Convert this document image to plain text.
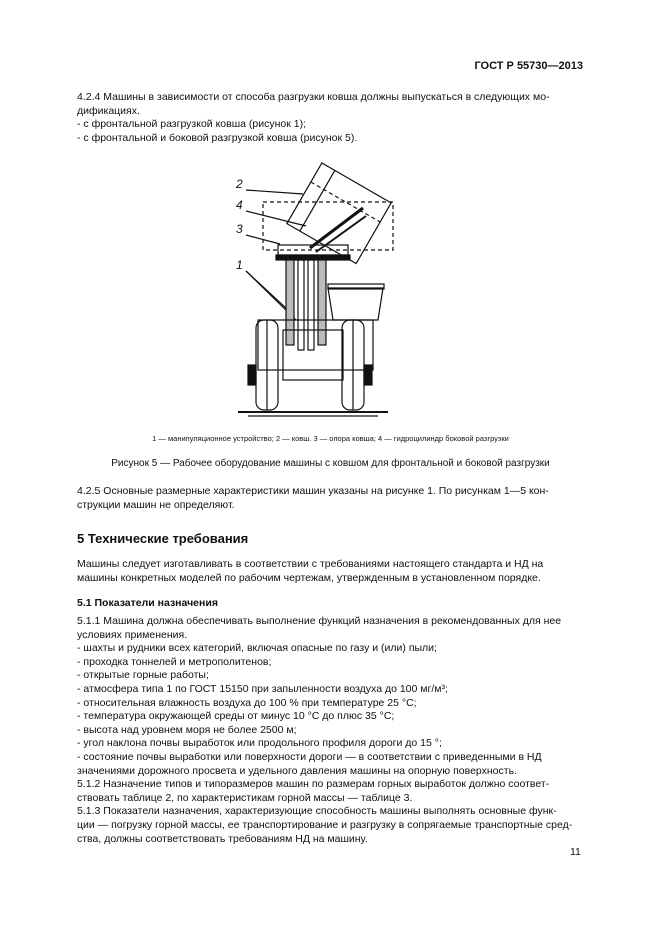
ГОСТ Р 55730—2013

4.2.4 Машины в зависимости от способа разгрузки ковша должны выпускаться в следующих мо-

дификациях.

- с фронтальной разгрузкой ковша (рисунок 1);

- с фронтальной и боковой разгрузкой ковша (рисунок 5).

2
4
3
1
1 — манипуляционное устройство; 2 — ковш. 3 — опора ковша; 4 — гидроцилиндр боковой разгрузки
Рисунок 5 — Рабочее оборудование машины с ковшом для фронтальной и боковой разгрузки

4.2.5 Основные размерные характеристики машин указаны на рисунке 1. По рисункам 1—5 кон-

струкции машин не определяют.

5 Технические требования

Машины следует изготавливать в соответствии с требованиями настоящего стандарта и НД на

машины конкретных моделей по рабочим чертежам, утвержденным в установленном порядке.

5.1 Показатели назначения

5.1.1 Машина должна обеспечивать выполнение функций назначения в рекомендованных для нее

условиях применения.

- шахты и рудники всех категорий, включая опасные по газу и (или) пыли;

- проходка тоннелей и метрополитенов;

- открытые горные работы;

- атмосфера типа 1 по ГОСТ 15150 при запыленности воздуха до 100 мг/м³;

- относительная влажность воздуха до 100 % при температуре 25 °С;

- температура окружающей среды от минус 10 °С до плюс 35 °С;

- высота над уровнем моря не более 2500 м;

- угол наклона почвы выработок или продольного профиля дороги до 15 °;

- состояние почвы выработки или поверхности дороги — в соответствии с приведенными в НД

значениями дорожного просвета и удельного давления машины на опорную поверхность.

5.1.2 Назначение типов и типоразмеров машин по размерам горных выработок должно соответ-

ствовать таблице 2, по характеристикам горной массы — таблице 3.

5.1.3 Показатели назначения, характеризующие способность машины выполнять основные функ-

ции — погрузку горной массы, ее транспортирование и разгрузку в сопрягаемые транспортные сред-

ства, должны соответствовать требованиям НД на машину.

11
